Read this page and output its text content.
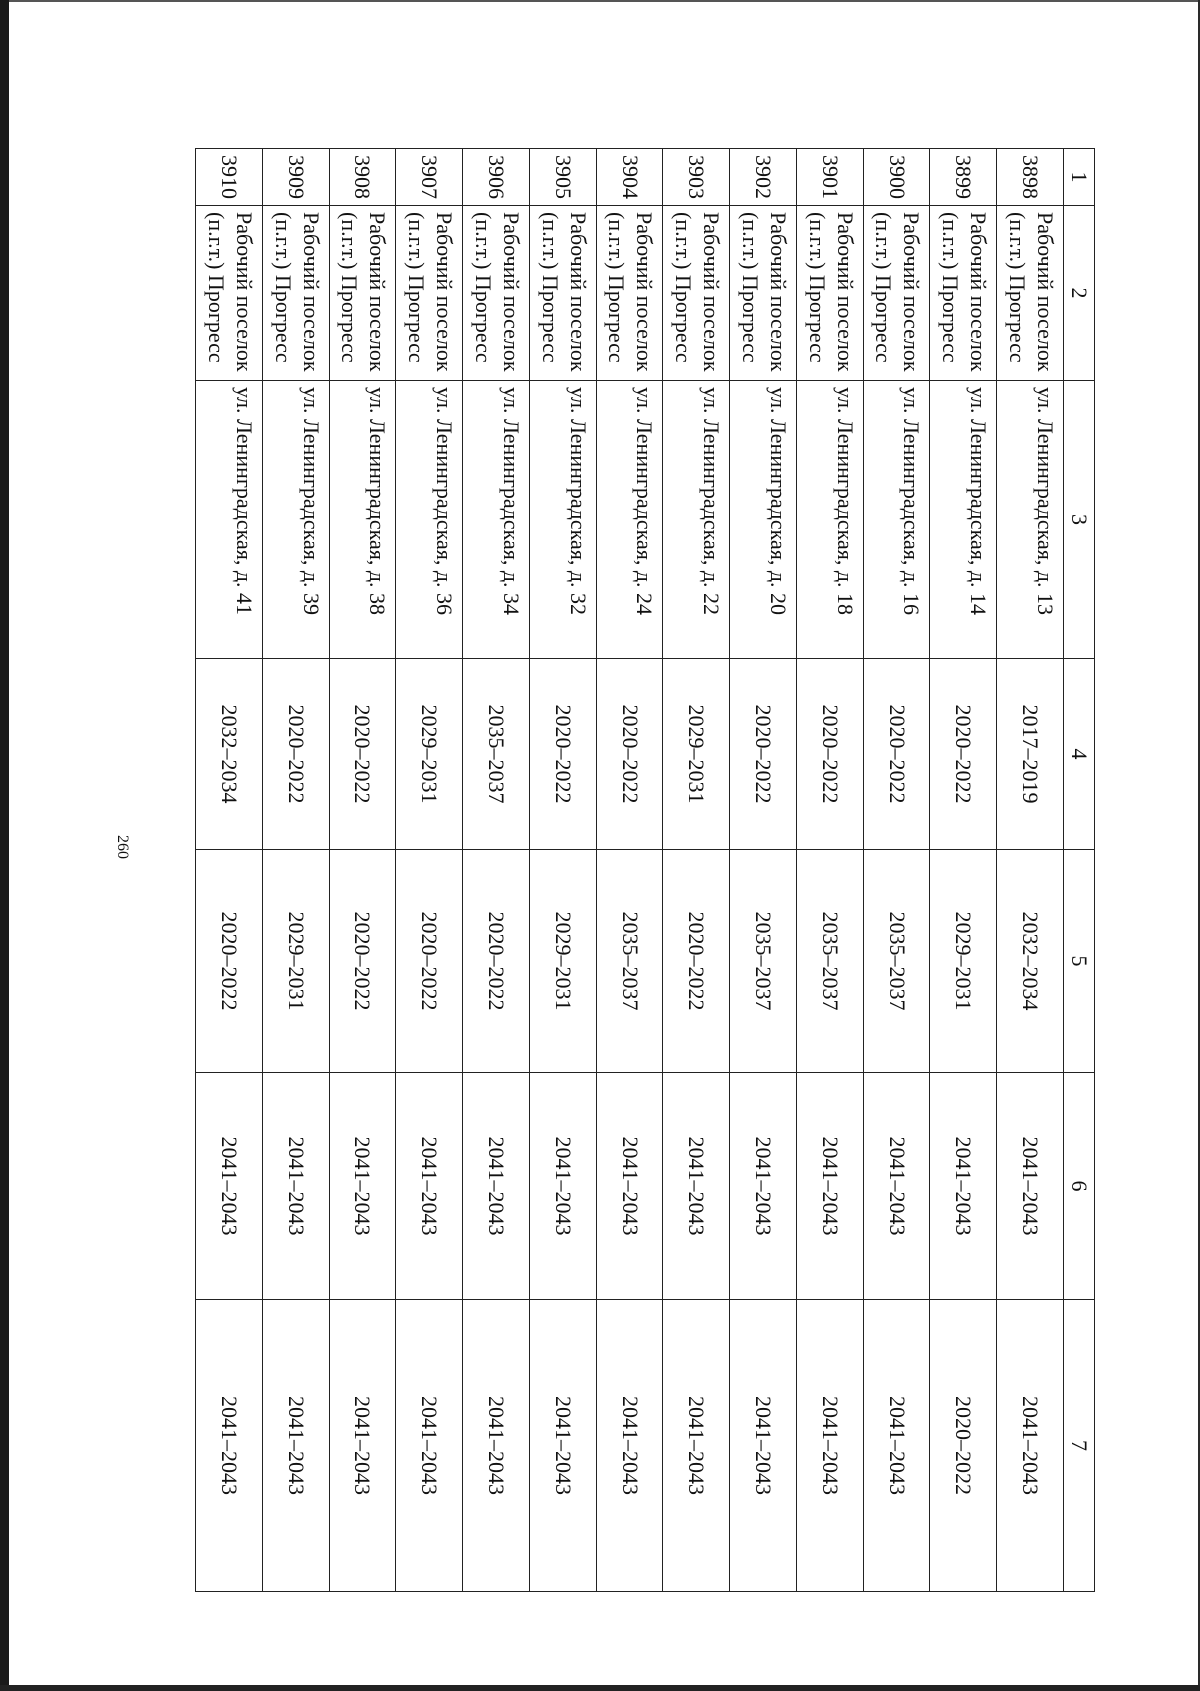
260
1	2	3	4	5	6	7
3898	Рабочий поселок (п.г.т.) Прогресс	ул. Ленинградская, д. 13	2017–2019	2032–2034	2041–2043	2041–2043
3899	Рабочий поселок (п.г.т.) Прогресс	ул. Ленинградская, д. 14	2020–2022	2029–2031	2041–2043	2020–2022
3900	Рабочий поселок (п.г.т.) Прогресс	ул. Ленинградская, д. 16	2020–2022	2035–2037	2041–2043	2041–2043
3901	Рабочий поселок (п.г.т.) Прогресс	ул. Ленинградская, д. 18	2020–2022	2035–2037	2041–2043	2041–2043
3902	Рабочий поселок (п.г.т.) Прогресс	ул. Ленинградская, д. 20	2020–2022	2035–2037	2041–2043	2041–2043
3903	Рабочий поселок (п.г.т.) Прогресс	ул. Ленинградская, д. 22	2029–2031	2020–2022	2041–2043	2041–2043
3904	Рабочий поселок (п.г.т.) Прогресс	ул. Ленинградская, д. 24	2020–2022	2035–2037	2041–2043	2041–2043
3905	Рабочий поселок (п.г.т.) Прогресс	ул. Ленинградская, д. 32	2020–2022	2029–2031	2041–2043	2041–2043
3906	Рабочий поселок (п.г.т.) Прогресс	ул. Ленинградская, д. 34	2035–2037	2020–2022	2041–2043	2041–2043
3907	Рабочий поселок (п.г.т.) Прогресс	ул. Ленинградская, д. 36	2029–2031	2020–2022	2041–2043	2041–2043
3908	Рабочий поселок (п.г.т.) Прогресс	ул. Ленинградская, д. 38	2020–2022	2020–2022	2041–2043	2041–2043
3909	Рабочий поселок (п.г.т.) Прогресс	ул. Ленинградская, д. 39	2020–2022	2029–2031	2041–2043	2041–2043
3910	Рабочий поселок (п.г.т.) Прогресс	ул. Ленинградская, д. 41	2032–2034	2020–2022	2041–2043	2041–2043
